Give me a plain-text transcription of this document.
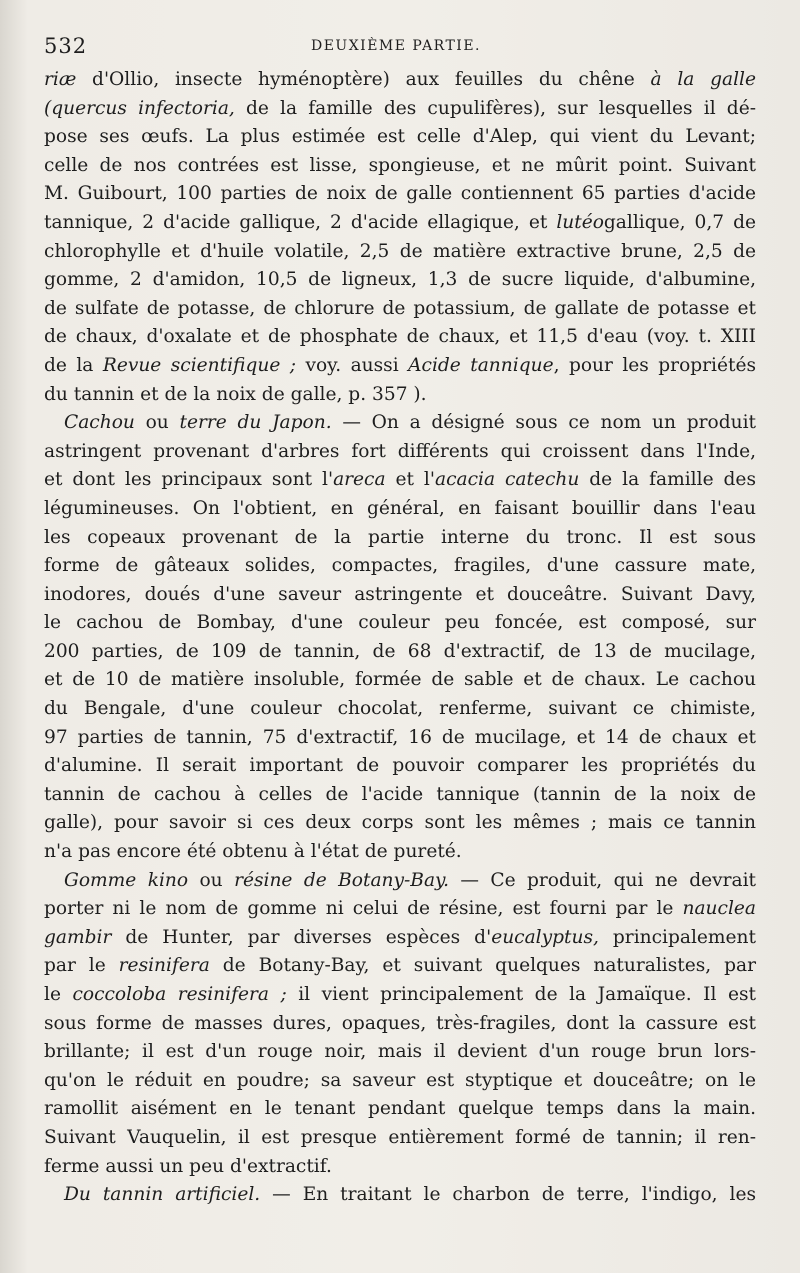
532	DEUXIÈME PARTIE.
riæ d'Ollio, insecte hyménoptère) aux feuilles du chêne à la galle
(quercus infectoria, de la famille des cupulifères), sur lesquelles il dé-
pose ses œufs. La plus estimée est celle d'Alep, qui vient du Levant;
celle de nos contrées est lisse, spongieuse, et ne mûrit point. Suivant
M. Guibourt, 100 parties de noix de galle contiennent 65 parties d'acide
tannique, 2 d'acide gallique, 2 d'acide ellagique, et lutéogallique, 0,7 de
chlorophylle et d'huile volatile, 2,5 de matière extractive brune, 2,5 de
gomme, 2 d'amidon, 10,5 de ligneux, 1,3 de sucre liquide, d'albumine,
de sulfate de potasse, de chlorure de potassium, de gallate de potasse et
de chaux, d'oxalate et de phosphate de chaux, et 11,5 d'eau (voy. t. XIII
de la Revue scientifique ; voy. aussi Acide tannique, pour les propriétés
du tannin et de la noix de galle, p. 357 ).
Cachou ou terre du Japon. — On a désigné sous ce nom un produit
astringent provenant d'arbres fort différents qui croissent dans l'Inde,
et dont les principaux sont l'areca et l'acacia catechu de la famille des
légumineuses. On l'obtient, en général, en faisant bouillir dans l'eau
les copeaux provenant de la partie interne du tronc. Il est sous
forme de gâteaux solides, compactes, fragiles, d'une cassure mate,
inodores, doués d'une saveur astringente et douceâtre. Suivant Davy,
le cachou de Bombay, d'une couleur peu foncée, est composé, sur
200 parties, de 109 de tannin, de 68 d'extractif, de 13 de mucilage,
et de 10 de matière insoluble, formée de sable et de chaux. Le cachou
du Bengale, d'une couleur chocolat, renferme, suivant ce chimiste,
97 parties de tannin, 75 d'extractif, 16 de mucilage, et 14 de chaux et
d'alumine. Il serait important de pouvoir comparer les propriétés du
tannin de cachou à celles de l'acide tannique (tannin de la noix de
galle), pour savoir si ces deux corps sont les mêmes ; mais ce tannin
n'a pas encore été obtenu à l'état de pureté.
Gomme kino ou résine de Botany-Bay. — Ce produit, qui ne devrait
porter ni le nom de gomme ni celui de résine, est fourni par le nauclea
gambir de Hunter, par diverses espèces d'eucalyptus, principalement
par le resinifera de Botany-Bay, et suivant quelques naturalistes, par
le coccoloba resinifera ; il vient principalement de la Jamaïque. Il est
sous forme de masses dures, opaques, très-fragiles, dont la cassure est
brillante; il est d'un rouge noir, mais il devient d'un rouge brun lors-
qu'on le réduit en poudre; sa saveur est styptique et douceâtre; on le
ramollit aisément en le tenant pendant quelque temps dans la main.
Suivant Vauquelin, il est presque entièrement formé de tannin; il ren-
ferme aussi un peu d'extractif.
Du tannin artificiel. — En traitant le charbon de terre, l'indigo, les
